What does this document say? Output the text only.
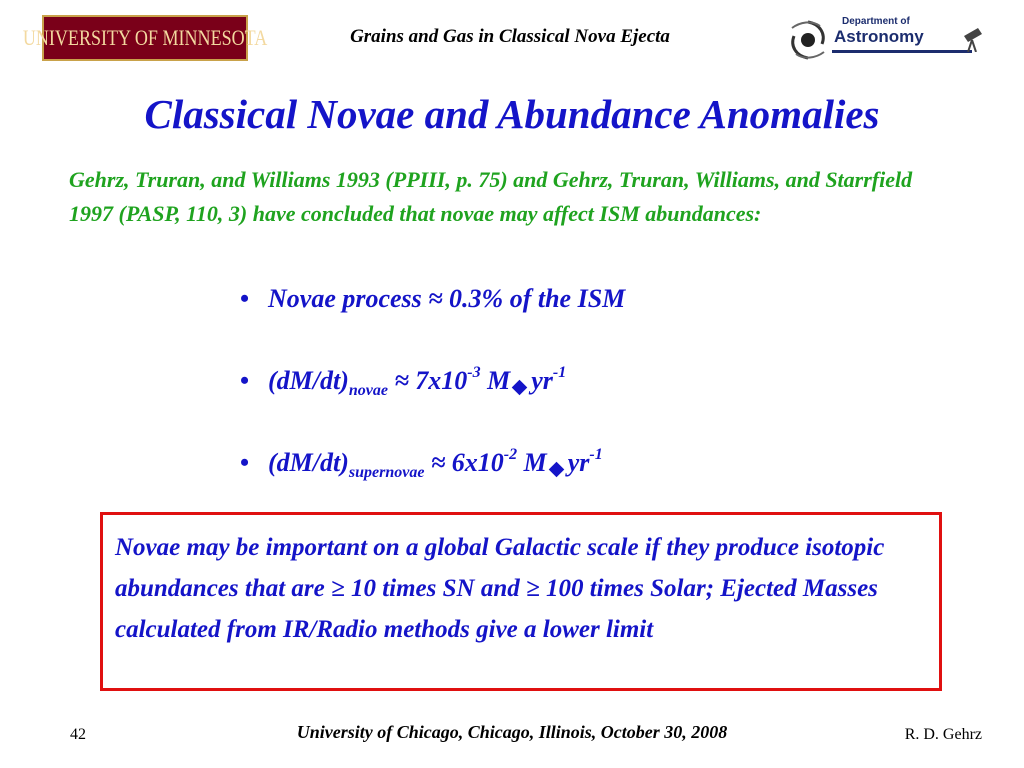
UNIVERSITY OF MINNESOTA	Grains and Gas in Classical Nova Ejecta
Department of
Astronomy
Classical Novae and Abundance Anomalies
Gehrz, Truran, and Williams 1993 (PPIII, p. 75) and Gehrz, Truran, Williams, and Starrfield 1997 (PASP, 110, 3) have concluded that novae may affect ISM abundances:
• Novae process ≈ 0.3% of the ISM
• $(dM/dt)_{novae} \approx 7x10^{-3}$ M $yr^{-1}$
• $(dM/dt)_{supernovae} \approx 6x10^{-2}$ M $yr^{-1}$
Novae may be important on a global Galactic scale if they produce isotopic abundances that are ≥ 10 times SN and ≥ 100 times Solar; Ejected Masses calculated from IR/Radio methods give a lower limit
42	University of Chicago, Chicago, Illinois, October 30, 2008	R. D. Gehrz
